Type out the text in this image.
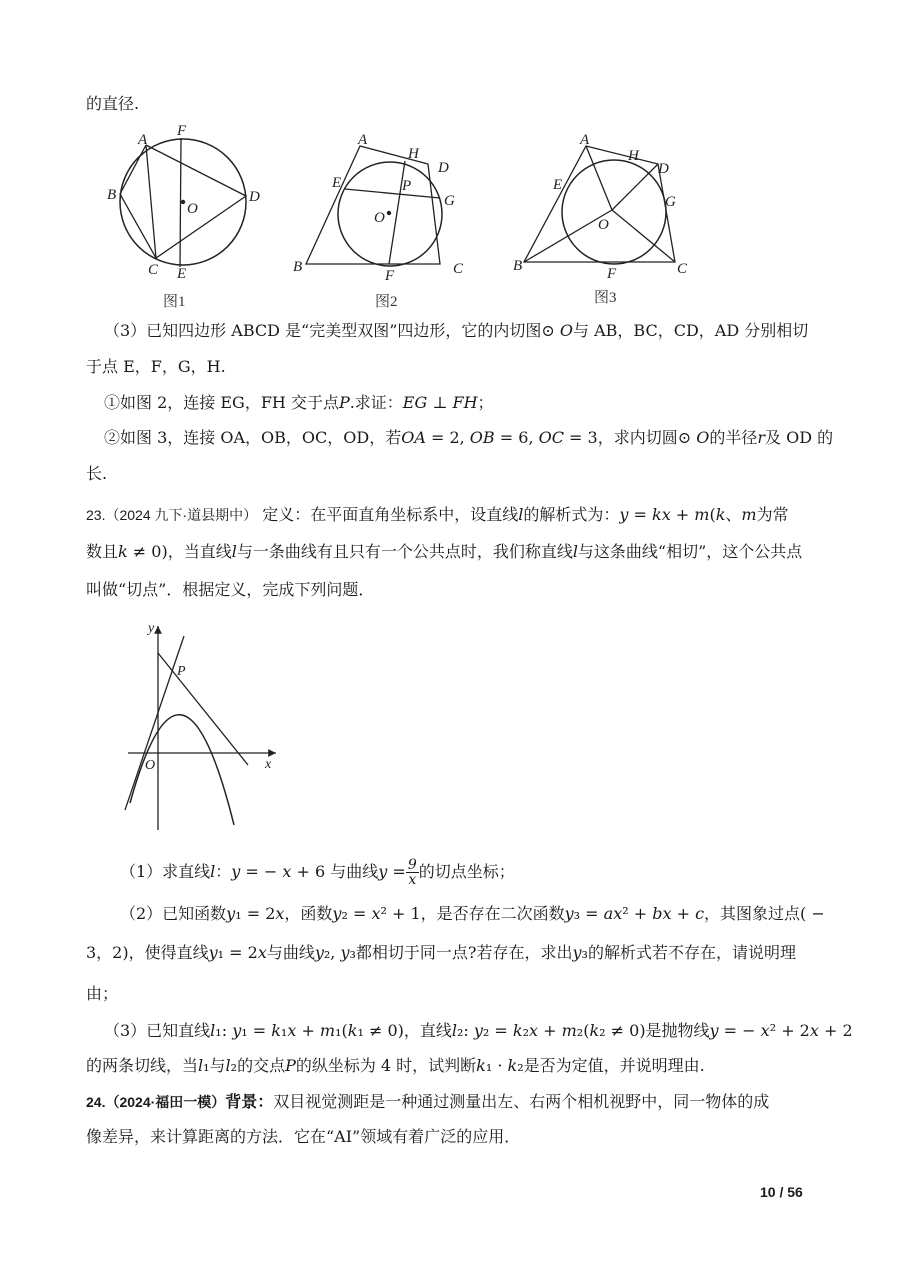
的直径.
A
F
B	D
O
C E
图1
A
H
D
E	P
G
O
B
F	C
图2
A
H
D
E
G
O
B	F	C
图3
（3）已知四边形 ABCD 是“完美型双图”四边形，它的内切图⊙ 𝑂与 AB，BC，CD，AD 分别相切
于点 E，F，G，H.
①如图 2，连接 EG，FH 交于点𝑃.求证：𝐸𝐺 ⊥ 𝐹𝐻；
②如图 3，连接 OA，OB，OC，OD，若𝑂𝐴 = 2, 𝑂𝐵 = 6, 𝑂𝐶 = 3，求内切圆⊙ 𝑂的半径𝑟及 OD 的
长.
23.（2024 九下·道县期中） 定义：在平面直角坐标系中，设直线𝑙的解析式为：𝑦 = 𝑘𝑥 + 𝑚(𝑘、𝑚为常
数且𝑘 ≠ 0)，当直线𝑙与一条曲线有且只有一个公共点时，我们称直线𝑙与这条曲线“相切”，这个公共点
叫做“切点”．根据定义，完成下列问题．
y
x
O
P
（1）求直线𝑙：𝑦 = − 𝑥 + 6 与曲线𝑦 = $\frac{9}{\text{𝑥}}$ 的切点坐标；
（2）已知函数𝑦₁ = 2𝑥，函数𝑦₂ = 𝑥² + 1，是否存在二次函数𝑦₃ = 𝑎𝑥² + 𝑏𝑥 + 𝑐，其图象过点( −
3，2)，使得直线𝑦₁ = 2𝑥与曲线𝑦₂, 𝑦₃都相切于同一点?若存在，求出𝑦₃的解析式若不存在，请说明理
由；
（3）已知直线𝑙₁: 𝑦₁ = 𝑘₁𝑥 + 𝑚₁(𝑘₁ ≠ 0)，直线𝑙₂: 𝑦₂ = 𝑘₂𝑥 + 𝑚₂(𝑘₂ ≠ 0)是抛物线𝑦 = − 𝑥² + 2𝑥 + 2
的两条切线，当𝑙₁与𝑙₂的交点𝑃的纵坐标为 4 时，试判断𝑘₁ · 𝑘₂是否为定值，并说明理由.
24.（2024·福田一模）背景：双目视觉测距是一种通过测量出左、右两个相机视野中，同一物体的成
像差异，来计算距离的方法．它在“AI”领域有着广泛的应用．
10 / 56
